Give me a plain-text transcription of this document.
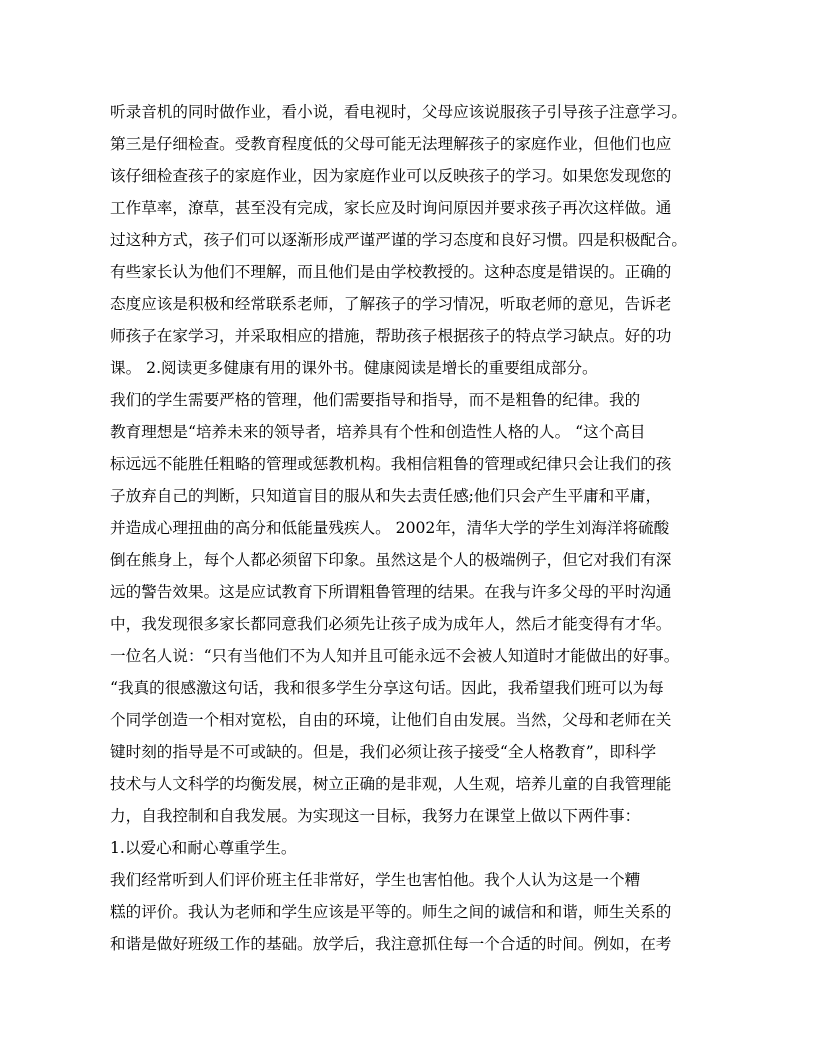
听录音机的同时做作业，看小说，看电视时，父母应该说服孩子引导孩子注意学习。
第三是仔细检查。受教育程度低的父母可能无法理解孩子的家庭作业，但他们也应
该仔细检查孩子的家庭作业，因为家庭作业可以反映孩子的学习。如果您发现您的
工作草率，潦草，甚至没有完成，家长应及时询问原因并要求孩子再次这样做。通
过这种方式，孩子们可以逐渐形成严谨严谨的学习态度和良好习惯。四是积极配合。
有些家长认为他们不理解，而且他们是由学校教授的。这种态度是错误的。正确的
态度应该是积极和经常联系老师，了解孩子的学习情况，听取老师的意见，告诉老
师孩子在家学习，并采取相应的措施，帮助孩子根据孩子的特点学习缺点。好的功
课。 2.阅读更多健康有用的课外书。健康阅读是增长的重要组成部分。
我们的学生需要严格的管理，他们需要指导和指导，而不是粗鲁的纪律。我的
教育理想是“培养未来的领导者，培养具有个性和创造性人格的人。 “这个高目
标远远不能胜任粗略的管理或惩教机构。我相信粗鲁的管理或纪律只会让我们的孩
子放弃自己的判断，只知道盲目的服从和失去责任感;他们只会产生平庸和平庸，
并造成心理扭曲的高分和低能量残疾人。 2002年，清华大学的学生刘海洋将硫酸
倒在熊身上，每个人都必须留下印象。虽然这是个人的极端例子，但它对我们有深
远的警告效果。这是应试教育下所谓粗鲁管理的结果。在我与许多父母的平时沟通
中，我发现很多家长都同意我们必须先让孩子成为成年人，然后才能变得有才华。
一位名人说：“只有当他们不为人知并且可能永远不会被人知道时才能做出的好事。
“我真的很感激这句话，我和很多学生分享这句话。因此，我希望我们班可以为每
个同学创造一个相对宽松，自由的环境，让他们自由发展。当然，父母和老师在关
键时刻的指导是不可或缺的。但是，我们必须让孩子接受“全人格教育”，即科学
技术与人文科学的均衡发展，树立正确的是非观，人生观，培养儿童的自我管理能
力，自我控制和自我发展。为实现这一目标，我努力在课堂上做以下两件事：
1.以爱心和耐心尊重学生。
我们经常听到人们评价班主任非常好，学生也害怕他。我个人认为这是一个糟
糕的评价。我认为老师和学生应该是平等的。师生之间的诚信和和谐，师生关系的
和谐是做好班级工作的基础。放学后，我注意抓住每一个合适的时间。例如，在考
